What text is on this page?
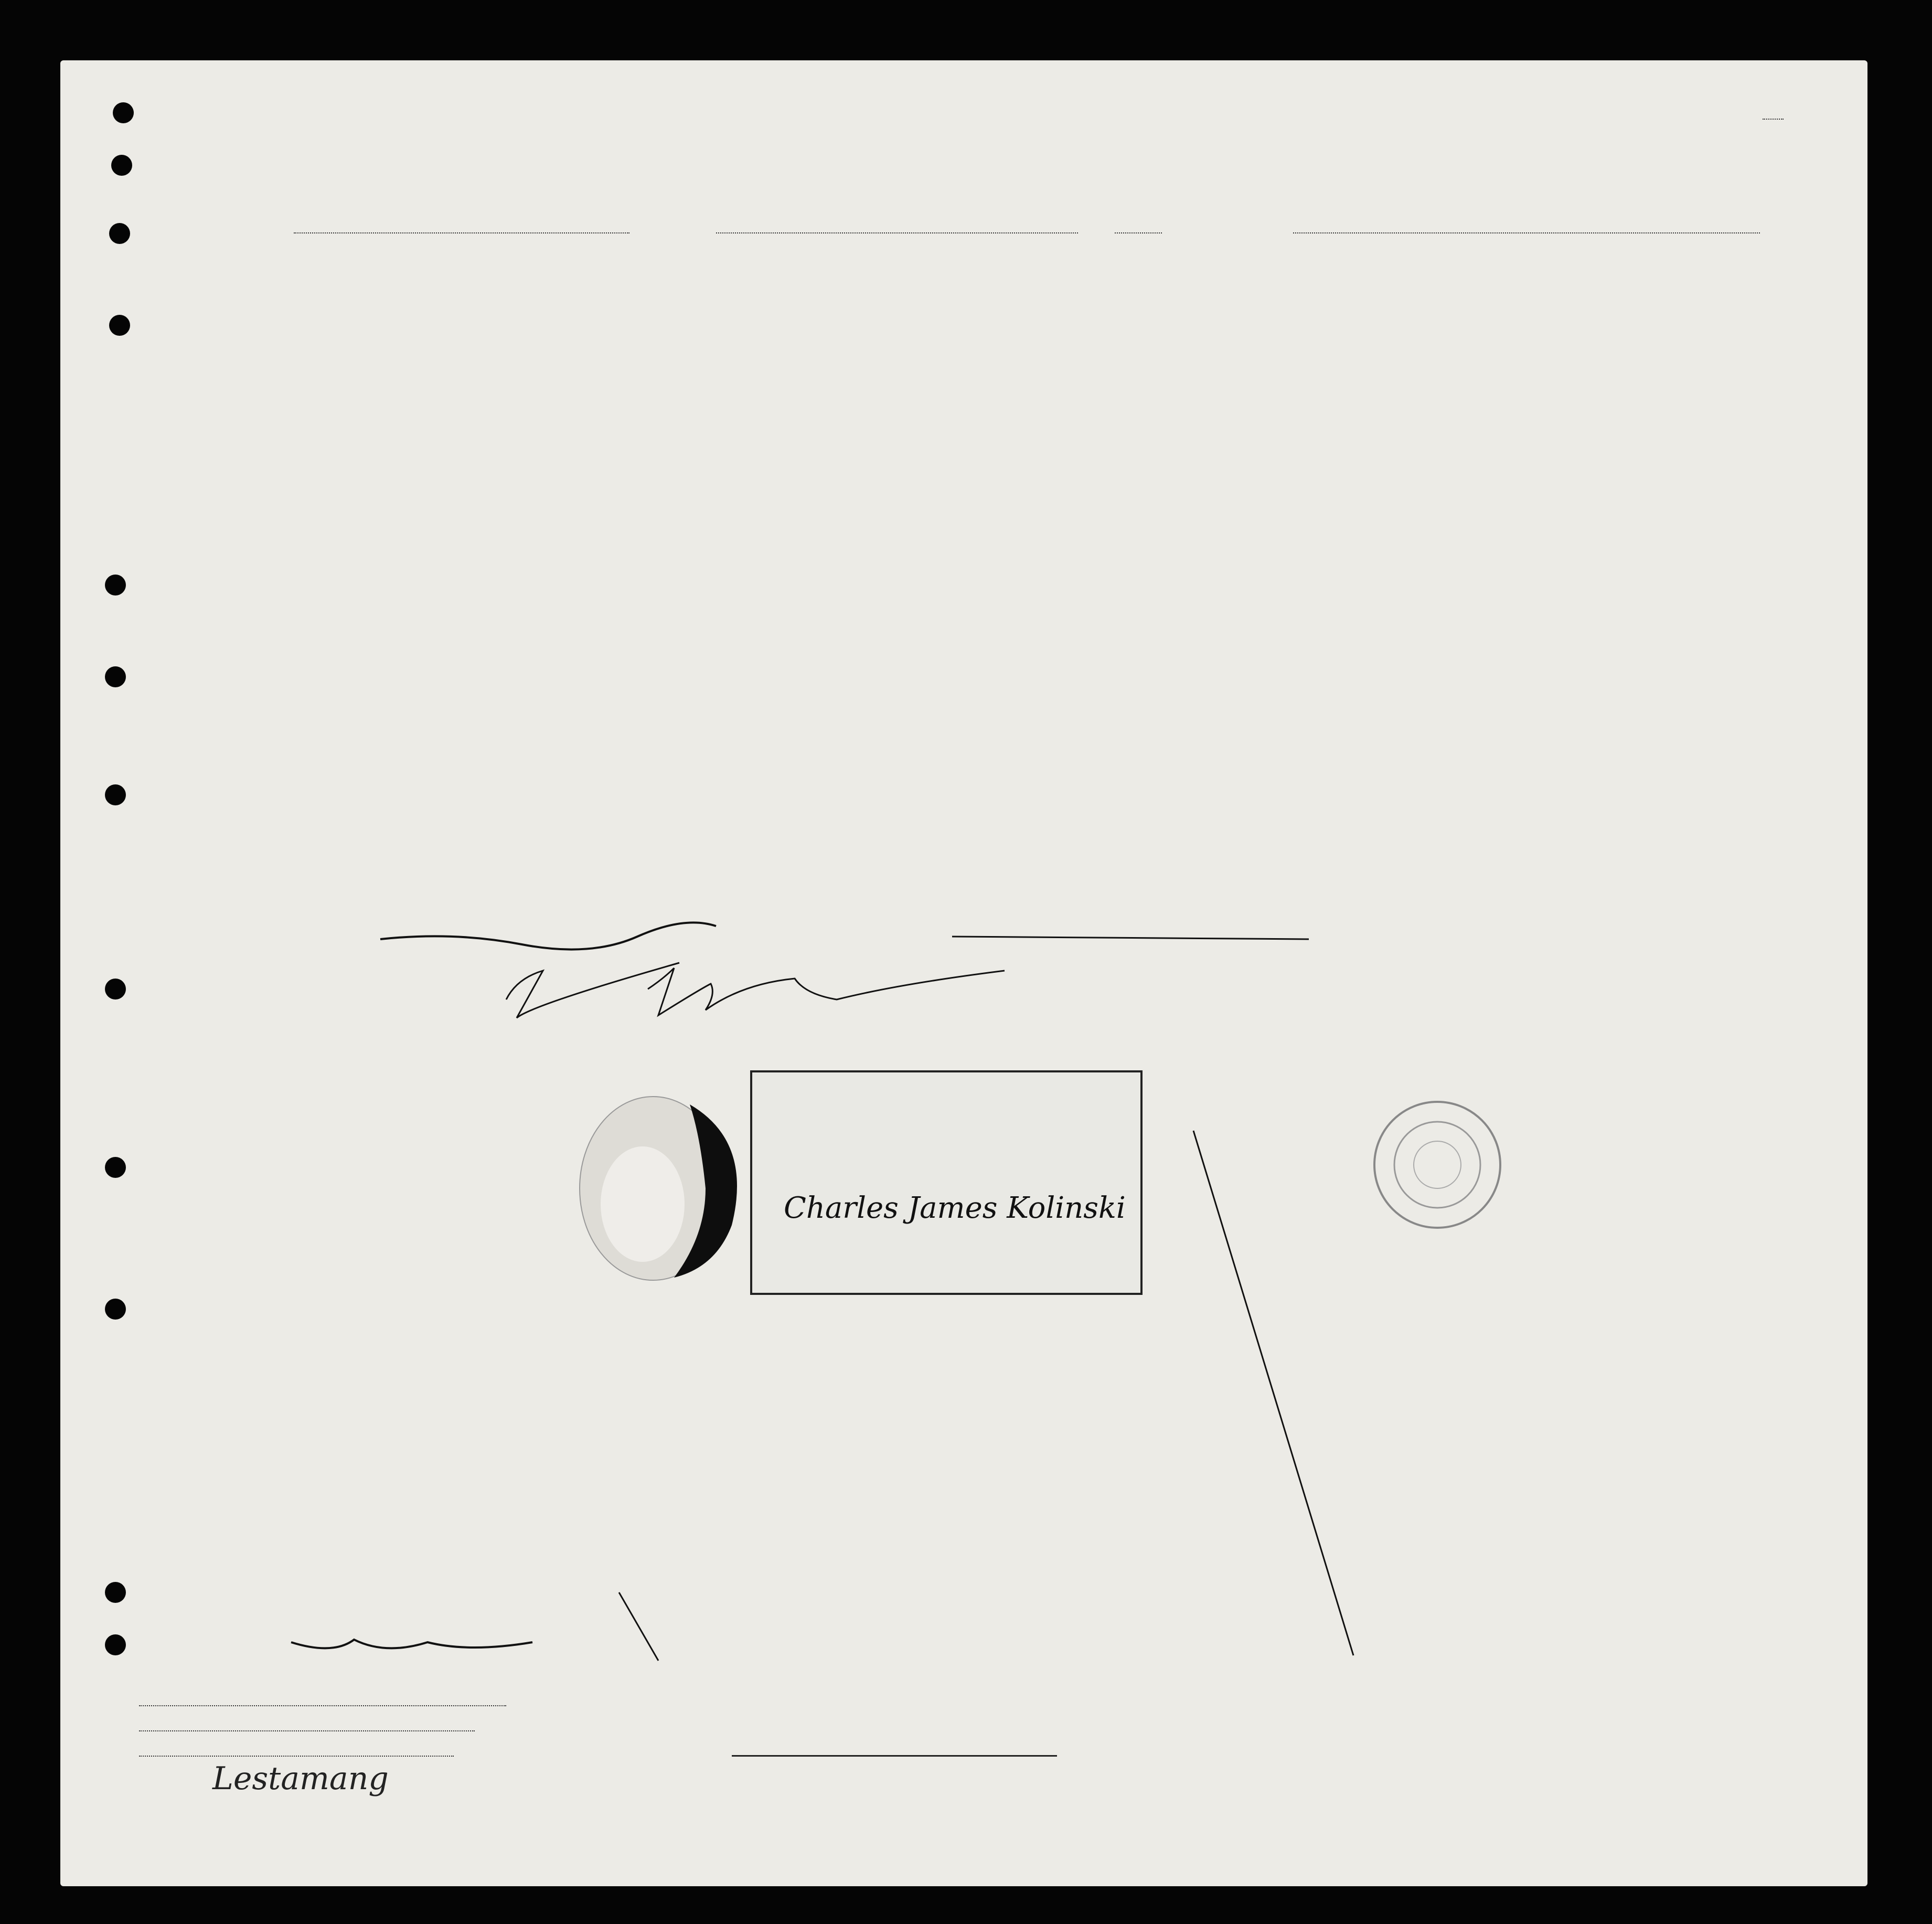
Charles James Kolinski
Lestamang
